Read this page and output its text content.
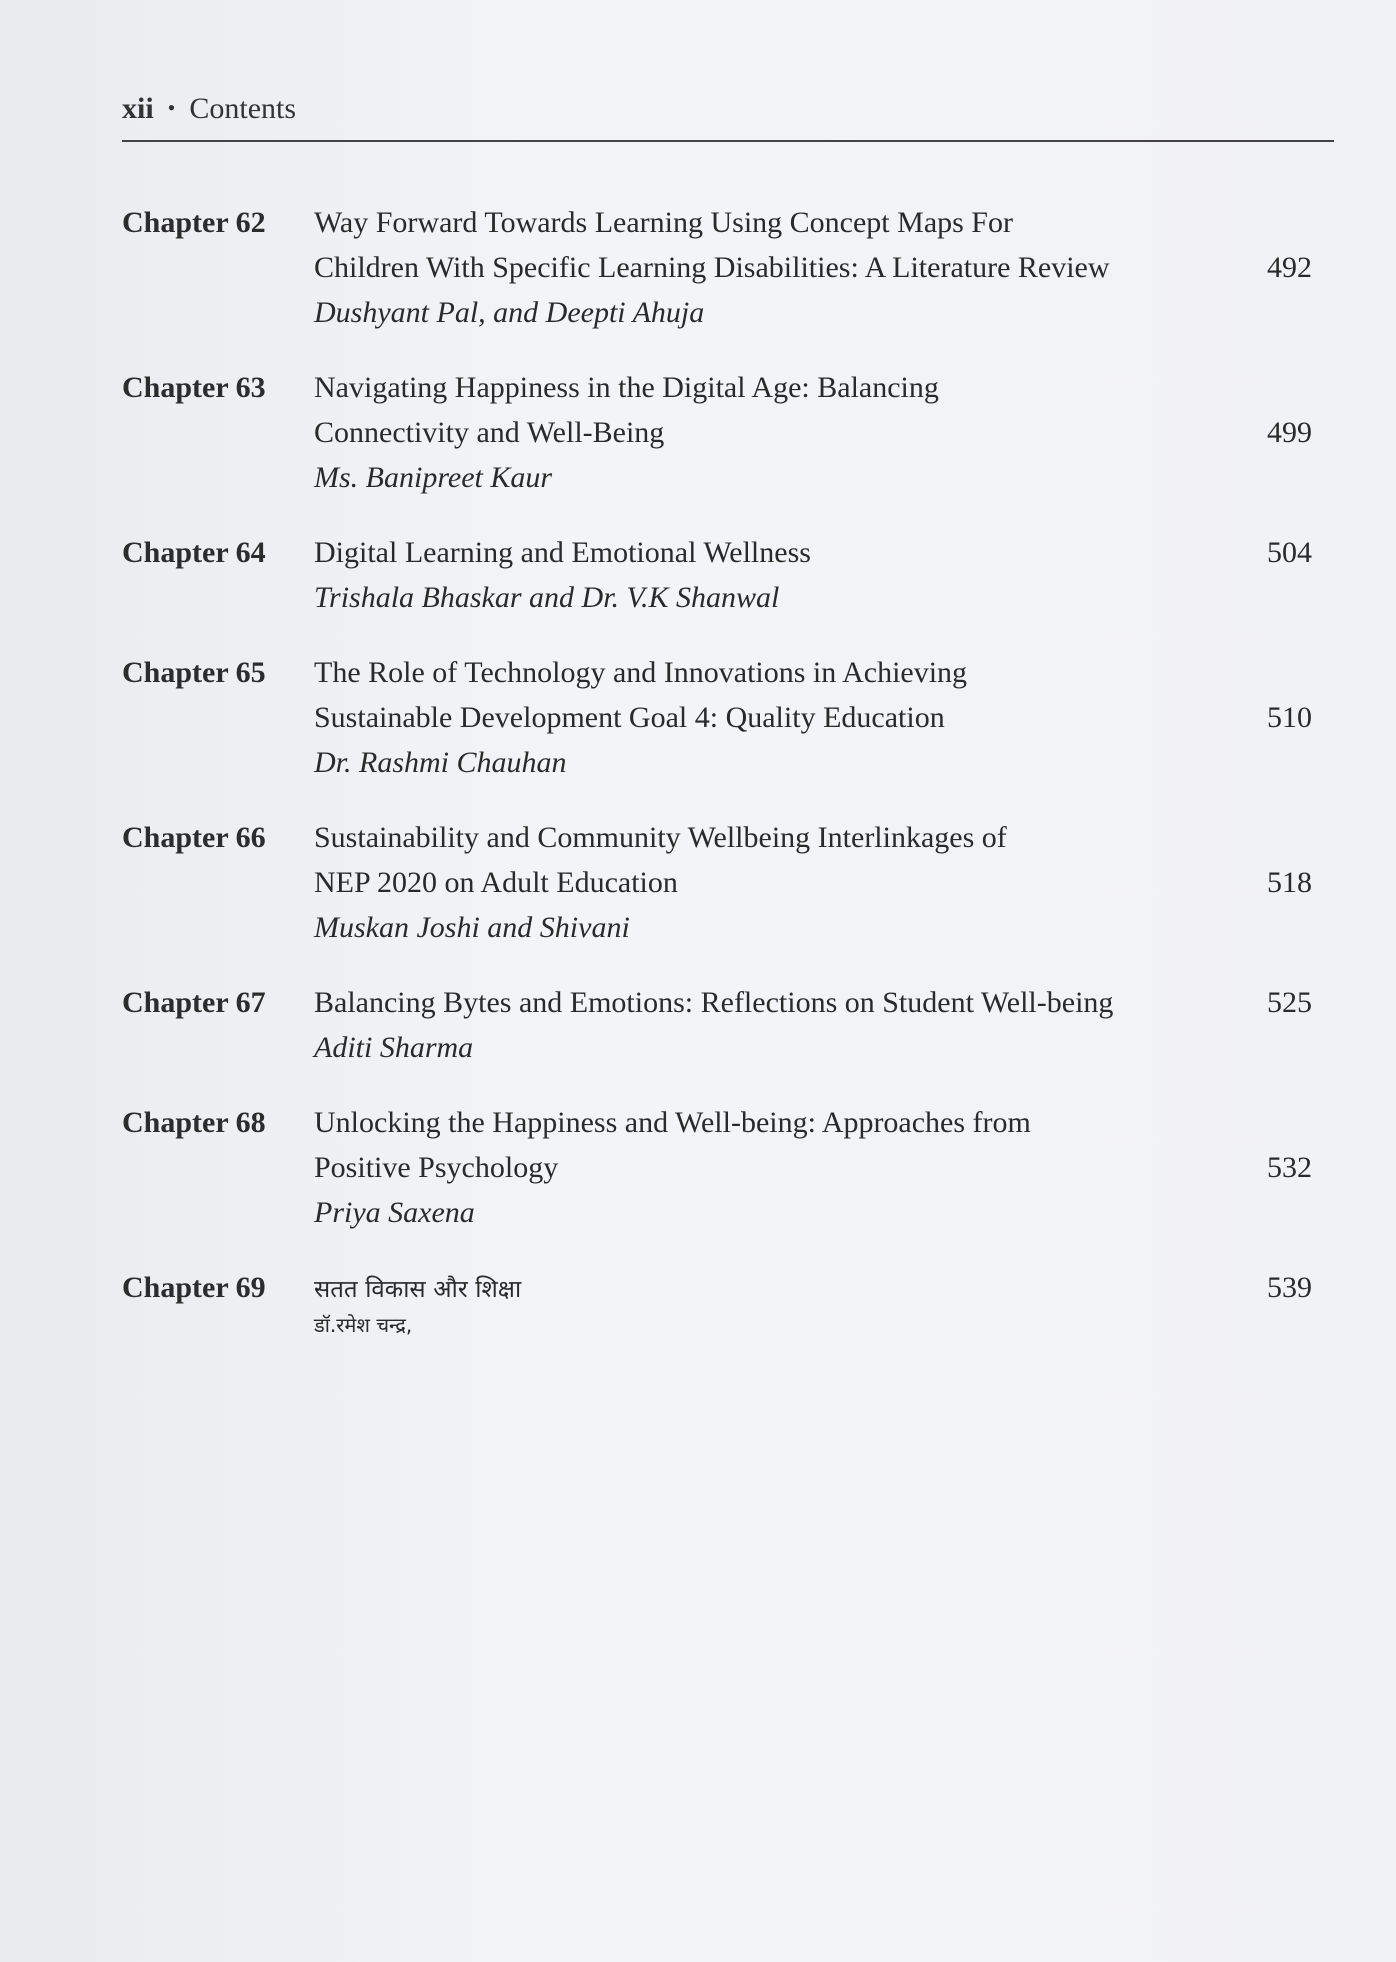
xii • Contents
Chapter 62	Way Forward Towards Learning Using Concept Maps For
Children With Specific Learning Disabilities: A Literature Review	492
Dushyant Pal, and Deepti Ahuja
Chapter 63	Navigating Happiness in the Digital Age: Balancing
Connectivity and Well-Being	499
Ms. Banipreet Kaur
Chapter 64	Digital Learning and Emotional Wellness	504
Trishala Bhaskar and Dr. V.K Shanwal
Chapter 65	The Role of Technology and Innovations in Achieving
Sustainable Development Goal 4: Quality Education	510
Dr. Rashmi Chauhan
Chapter 66	Sustainability and Community Wellbeing Interlinkages of
NEP 2020 on Adult Education	518
Muskan Joshi and Shivani
Chapter 67	Balancing Bytes and Emotions: Reflections on Student Well-being	525
Aditi Sharma
Chapter 68	Unlocking the Happiness and Well-being: Approaches from
Positive Psychology	532
Priya Saxena
Chapter 69	सतत विकास और शिक्षा	539
डॉ.रमेश चन्द्र,
